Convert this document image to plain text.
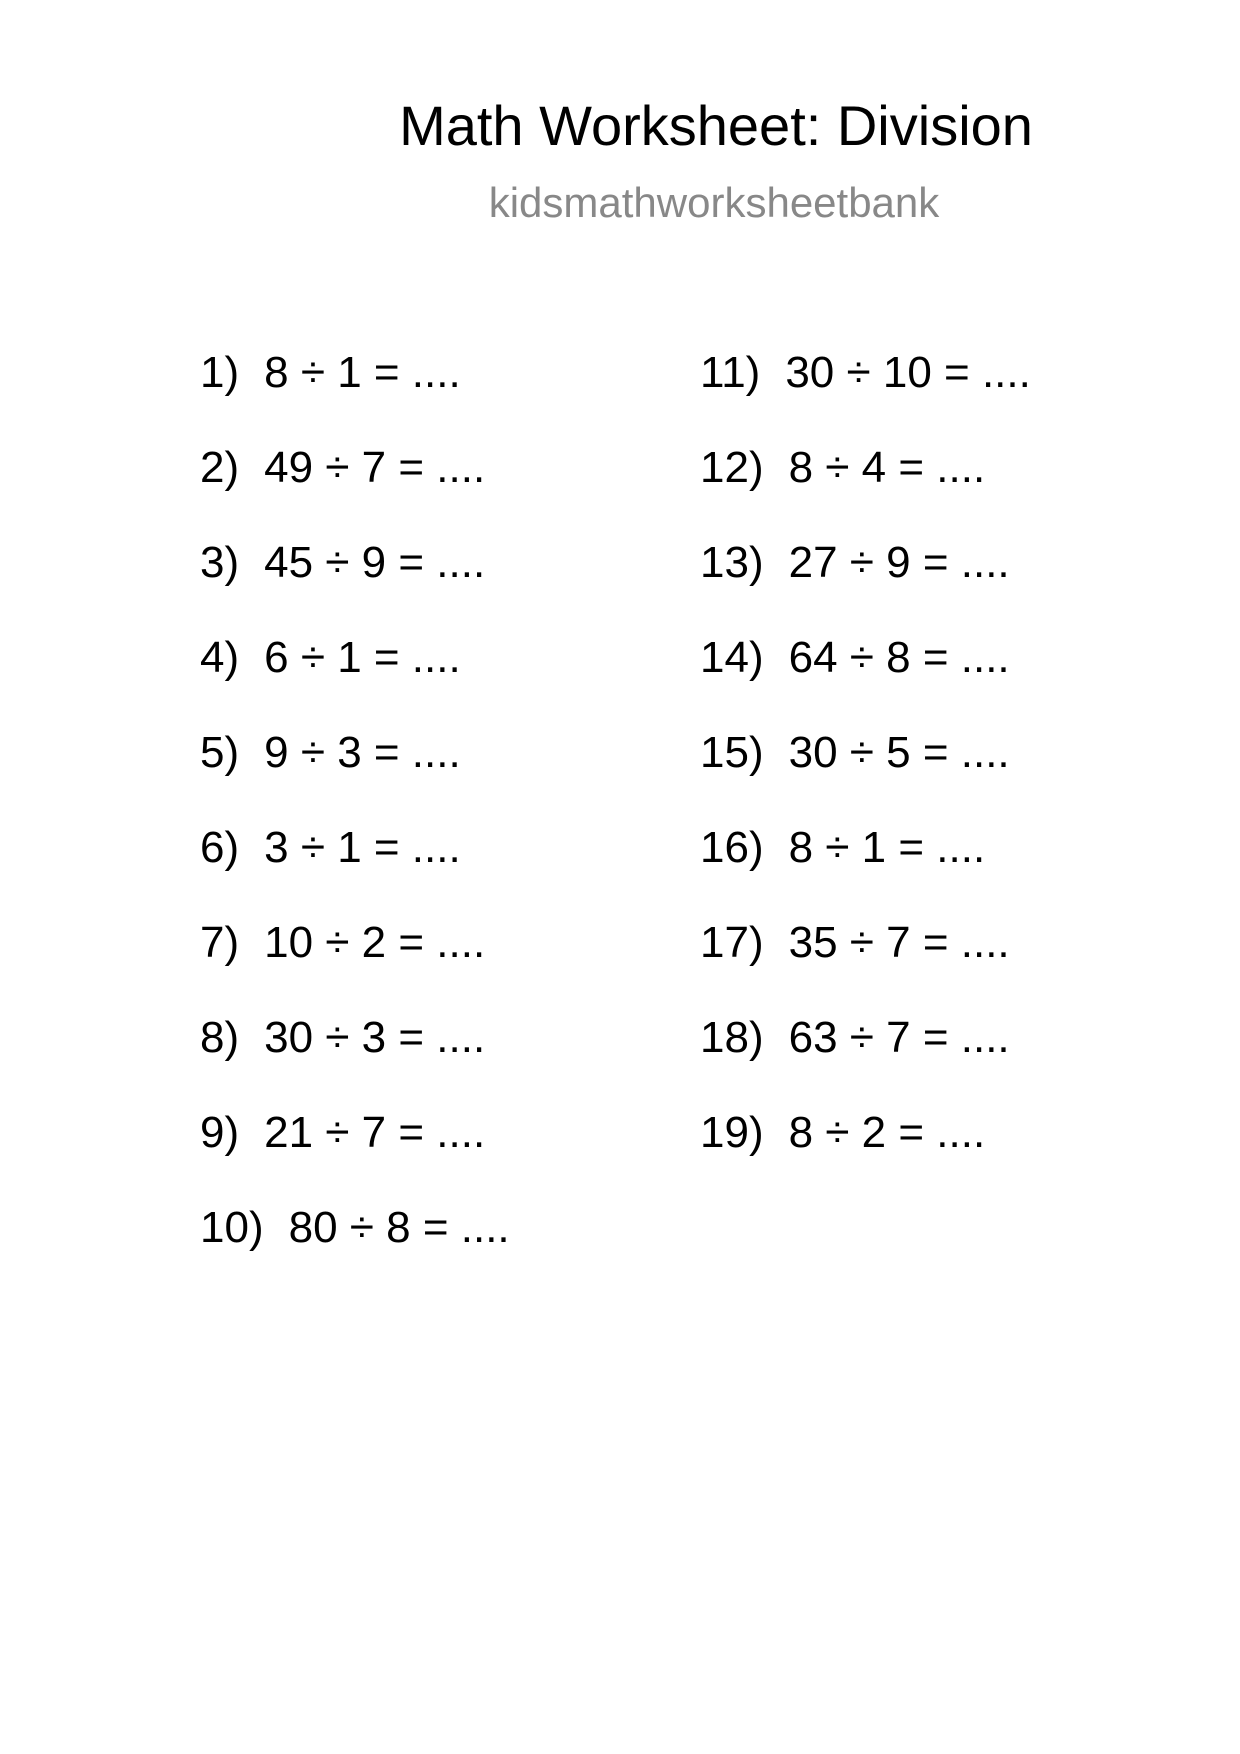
Math Worksheet: Division
kidsmathworksheetbank
1) 8 ÷ 1 = ....
2) 49 ÷ 7 = ....
3) 45 ÷ 9 = ....
4) 6 ÷ 1 = ....
5) 9 ÷ 3 = ....
6) 3 ÷ 1 = ....
7) 10 ÷ 2 = ....
8) 30 ÷ 3 = ....
9) 21 ÷ 7 = ....
10) 80 ÷ 8 = ....
11) 30 ÷ 10 = ....
12) 8 ÷ 4 = ....
13) 27 ÷ 9 = ....
14) 64 ÷ 8 = ....
15) 30 ÷ 5 = ....
16) 8 ÷ 1 = ....
17) 35 ÷ 7 = ....
18) 63 ÷ 7 = ....
19) 8 ÷ 2 = ....
